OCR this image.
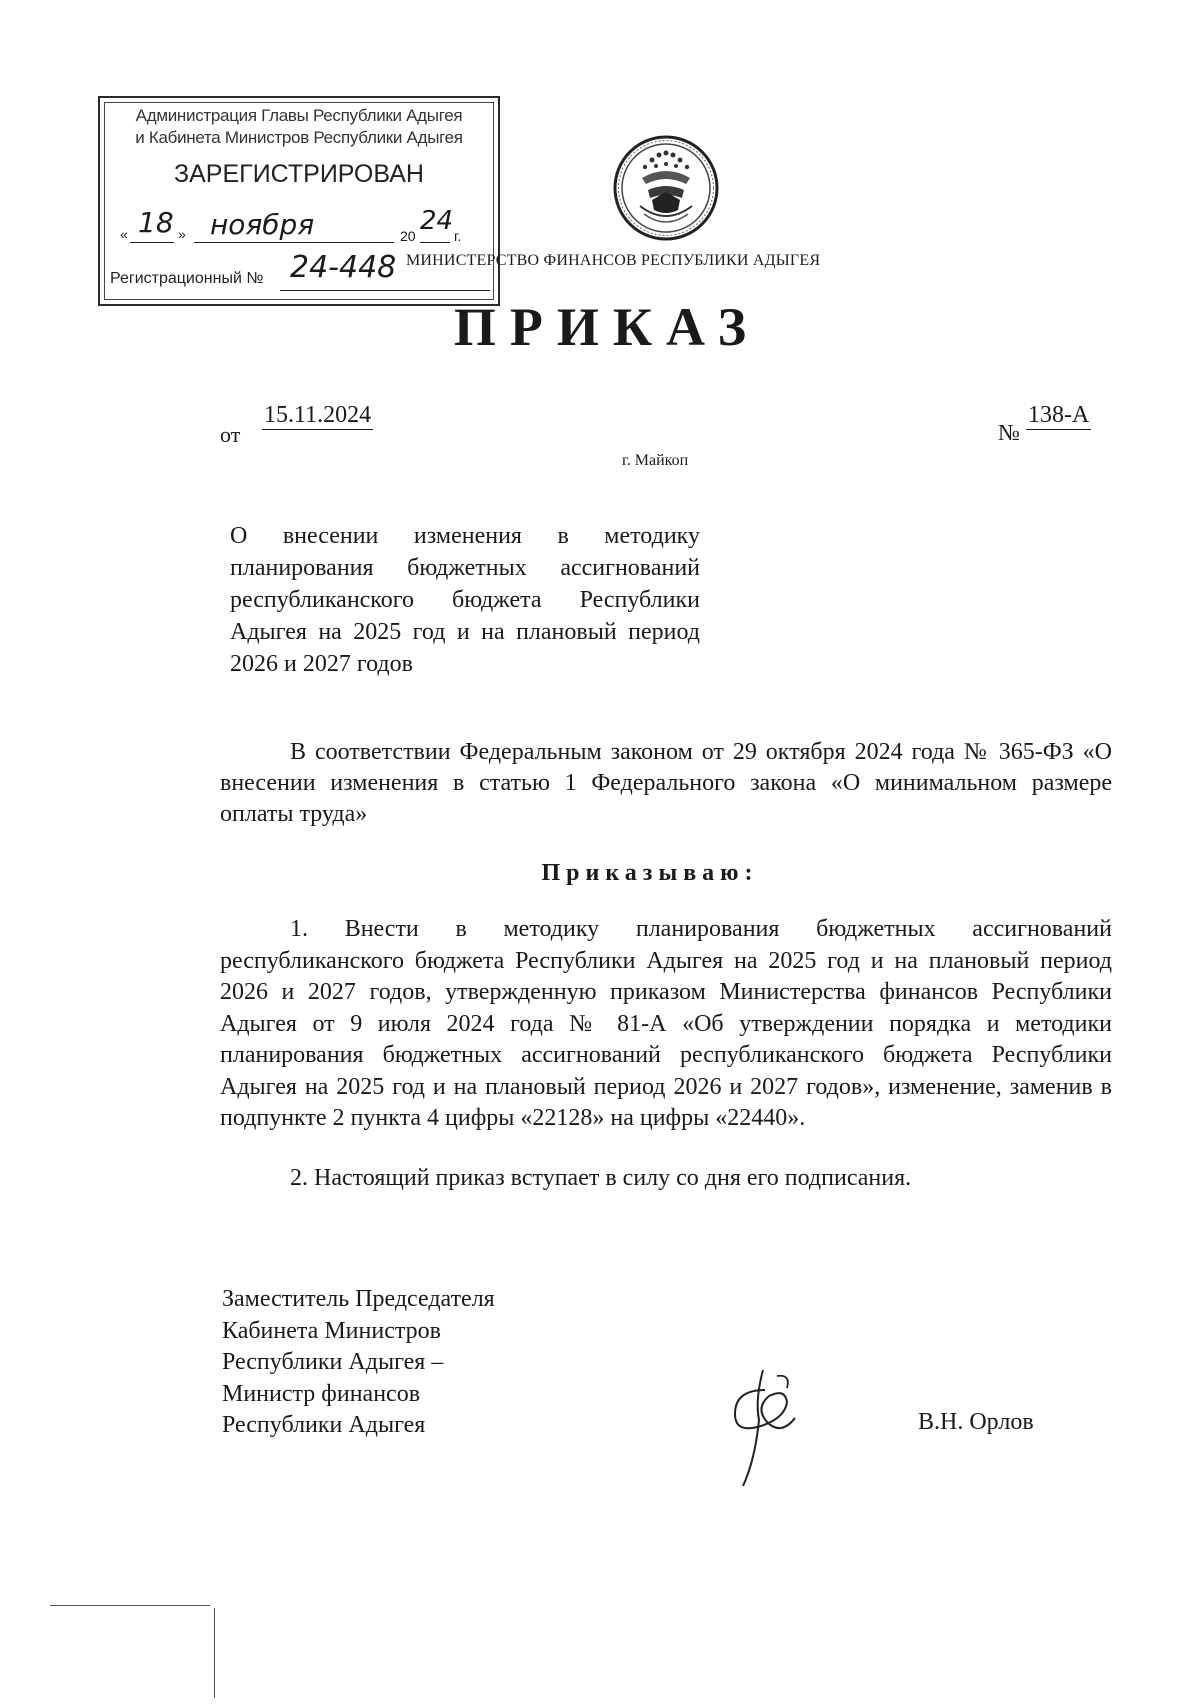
Администрация Главы Республики Адыгея
и Кабинета Министров Республики Адыгея
ЗАРЕГИСТРИРОВАН
« 18 » ноября	20 24 г.
Регистрационный № 24-448 МИНИСТЕРСТВО ФИНАНСОВ РЕСПУБЛИКИ АДЫГЕЯ
ПРИКАЗ
от
15.11.2024
№
138-А
г. Майкоп
О внесении изменения в методику планирования бюджетных ассигнований республиканского бюджета Республики Адыгея на 2025 год и на плановый период 2026 и 2027 годов
В соответствии Федеральным законом от 29 октября 2024 года № 365-ФЗ «О внесении изменения в статью 1 Федерального закона «О минимальном размере оплаты труда»
Приказываю:
1. Внести в методику планирования бюджетных ассигнований республиканского бюджета Республики Адыгея на 2025 год и на плановый период 2026 и 2027 годов, утвержденную приказом Министерства финансов Республики Адыгея от 9 июля 2024 года № 81-А «Об утверждении порядка и методики планирования бюджетных ассигнований республиканского бюджета Республики Адыгея на 2025 год и на плановый период 2026 и 2027 годов», изменение, заменив в подпункте 2 пункта 4 цифры «22128» на цифры «22440».
2. Настоящий приказ вступает в силу со дня его подписания.
Заместитель Председателя
Кабинета Министров
Республики Адыгея –
Министр финансов
Республики Адыгея	В.Н. Орлов
